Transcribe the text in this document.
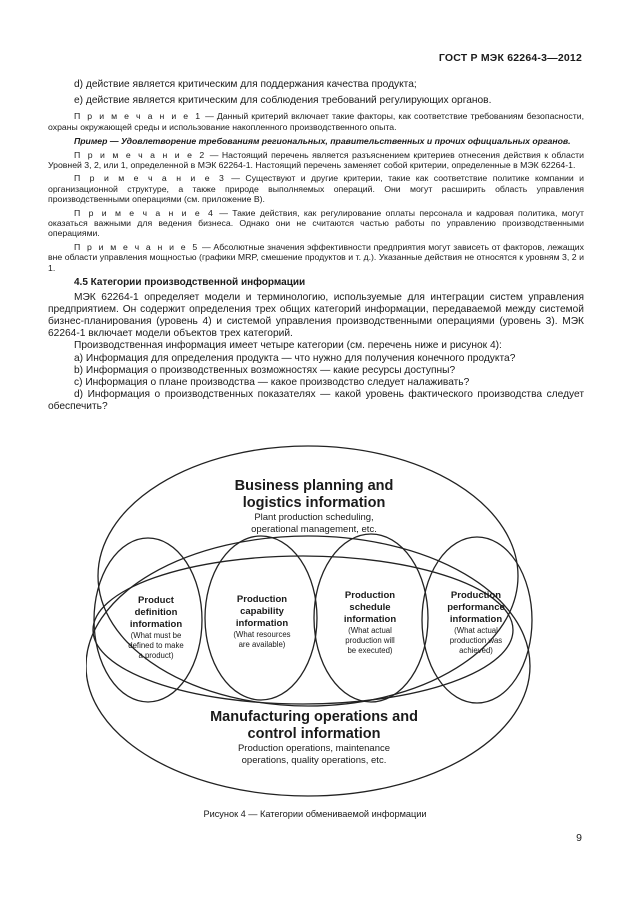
ГОСТ Р МЭК 62264-3—2012

d) действие является критическим для поддержания качества продукта;

e) действие является критическим для соблюдения требований регулирующих органов.

П р и м е ч а н и е 1 — Данный критерий включает такие факторы, как соответствие требованиям безопасности, охраны окружающей среды и использование накопленного производственного опыта.

Пример — Удовлетворение требованиям региональных, правительственных и прочих официальных органов.

П р и м е ч а н и е 2 — Настоящий перечень является разъяснением критериев отнесения действия к области Уровней 3, 2, или 1, определенной в МЭК 62264-1. Настоящий перечень заменяет собой критерии, определенные в МЭК 62264-1.

П р и м е ч а н и е 3 — Существуют и другие критерии, такие как соответствие политике компании и организационной структуре, а также природе выполняемых операций. Они могут расширить область управления производственными операциями (см. приложение В).

П р и м е ч а н и е 4 — Такие действия, как регулирование оплаты персонала и кадровая политика, могут оказаться важными для ведения бизнеса. Однако они не считаются частью работы по управлению производственными операциями.

П р и м е ч а н и е 5 — Абсолютные значения эффективности предприятия могут зависеть от факторов, лежащих вне области управления мощностью (графики MRP, смешение продуктов и т. д.). Указанные действия не относятся к уровням 3, 2 и 1.

4.5 Категории производственной информации

МЭК 62264-1 определяет модели и терминологию, используемые для интеграции систем управления предприятием. Он содержит определения трех общих категорий информации, передаваемой между системой бизнес-планирования (уровень 4) и системой управления производственными операциями (уровень 3). МЭК 62264-1 включает модели объектов трех категорий.

Производственная информация имеет четыре категории (см. перечень ниже и рисунок 4):

a) Информация для определения продукта — что нужно для получения конечного продукта?

b) Информация о производственных возможностях — какие ресурсы доступны?

c) Информация о плане производства — какое производство следует налаживать?

d) Информация о производственных показателях — какой уровень фактического производства следует обеспечить?

Business planning and
logistics information
Plant production scheduling,
operational management, etc.
Product
definition
information
(What must be
defined to make
a product)
Production
capability
information
(What resources
are available)
Production
schedule
information
(What actual
production will
be executed)
Production
performance
information
(What actual
production was
achieved)
Manufacturing operations and
control information
Production operations, maintenance
operations, quality operations, etc.
Рисунок 4 — Категории обмениваемой информации
9
